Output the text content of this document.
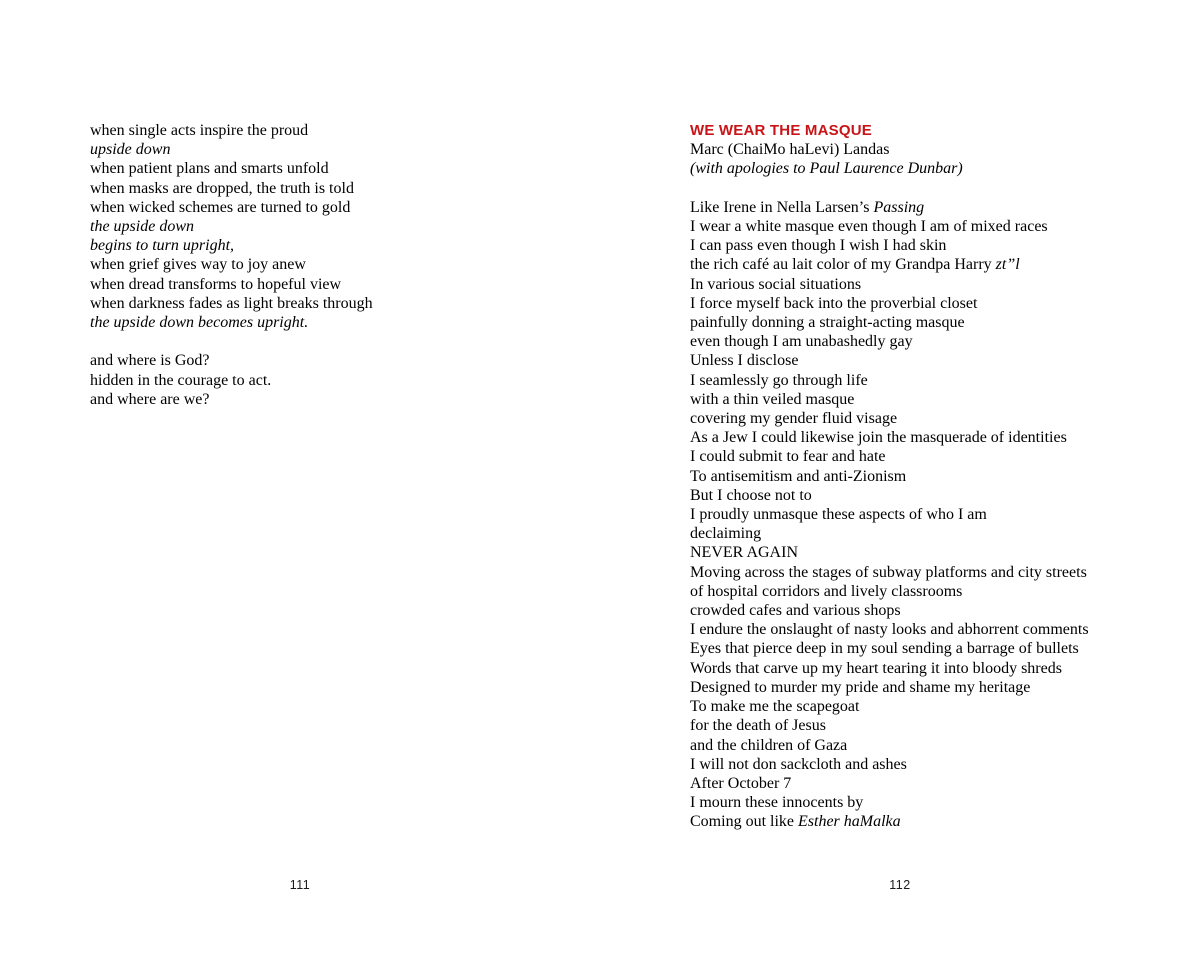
when single acts inspire the proud
upside down
when patient plans and smarts unfold
when masks are dropped, the truth is told
when wicked schemes are turned to gold
the upside down
begins to turn upright,
when grief gives way to joy anew
when dread transforms to hopeful view
when darkness fades as light breaks through
the upside down becomes upright.

and where is God?
hidden in the courage to act.
and where are we?
111
WE WEAR THE MASQUE
Marc (ChaiMo haLevi) Landas
(with apologies to Paul Laurence Dunbar)

Like Irene in Nella Larsen’s Passing
I wear a white masque even though I am of mixed races
I can pass even though I wish I had skin
the rich café au lait color of my Grandpa Harry zt”l
In various social situations
I force myself back into the proverbial closet
painfully donning a straight-acting masque
even though I am unabashedly gay
Unless I disclose
I seamlessly go through life
with a thin veiled masque
covering my gender fluid visage
As a Jew I could likewise join the masquerade of identities
I could submit to fear and hate
To antisemitism and anti-Zionism
But I choose not to
I proudly unmasque these aspects of who I am
declaiming
NEVER AGAIN
Moving across the stages of subway platforms and city streets
of hospital corridors and lively classrooms
crowded cafes and various shops
I endure the onslaught of nasty looks and abhorrent comments
Eyes that pierce deep in my soul sending a barrage of bullets
Words that carve up my heart tearing it into bloody shreds
Designed to murder my pride and shame my heritage
To make me the scapegoat
for the death of Jesus
and the children of Gaza
I will not don sackcloth and ashes
After October 7
I mourn these innocents by
Coming out like Esther haMalka
112
